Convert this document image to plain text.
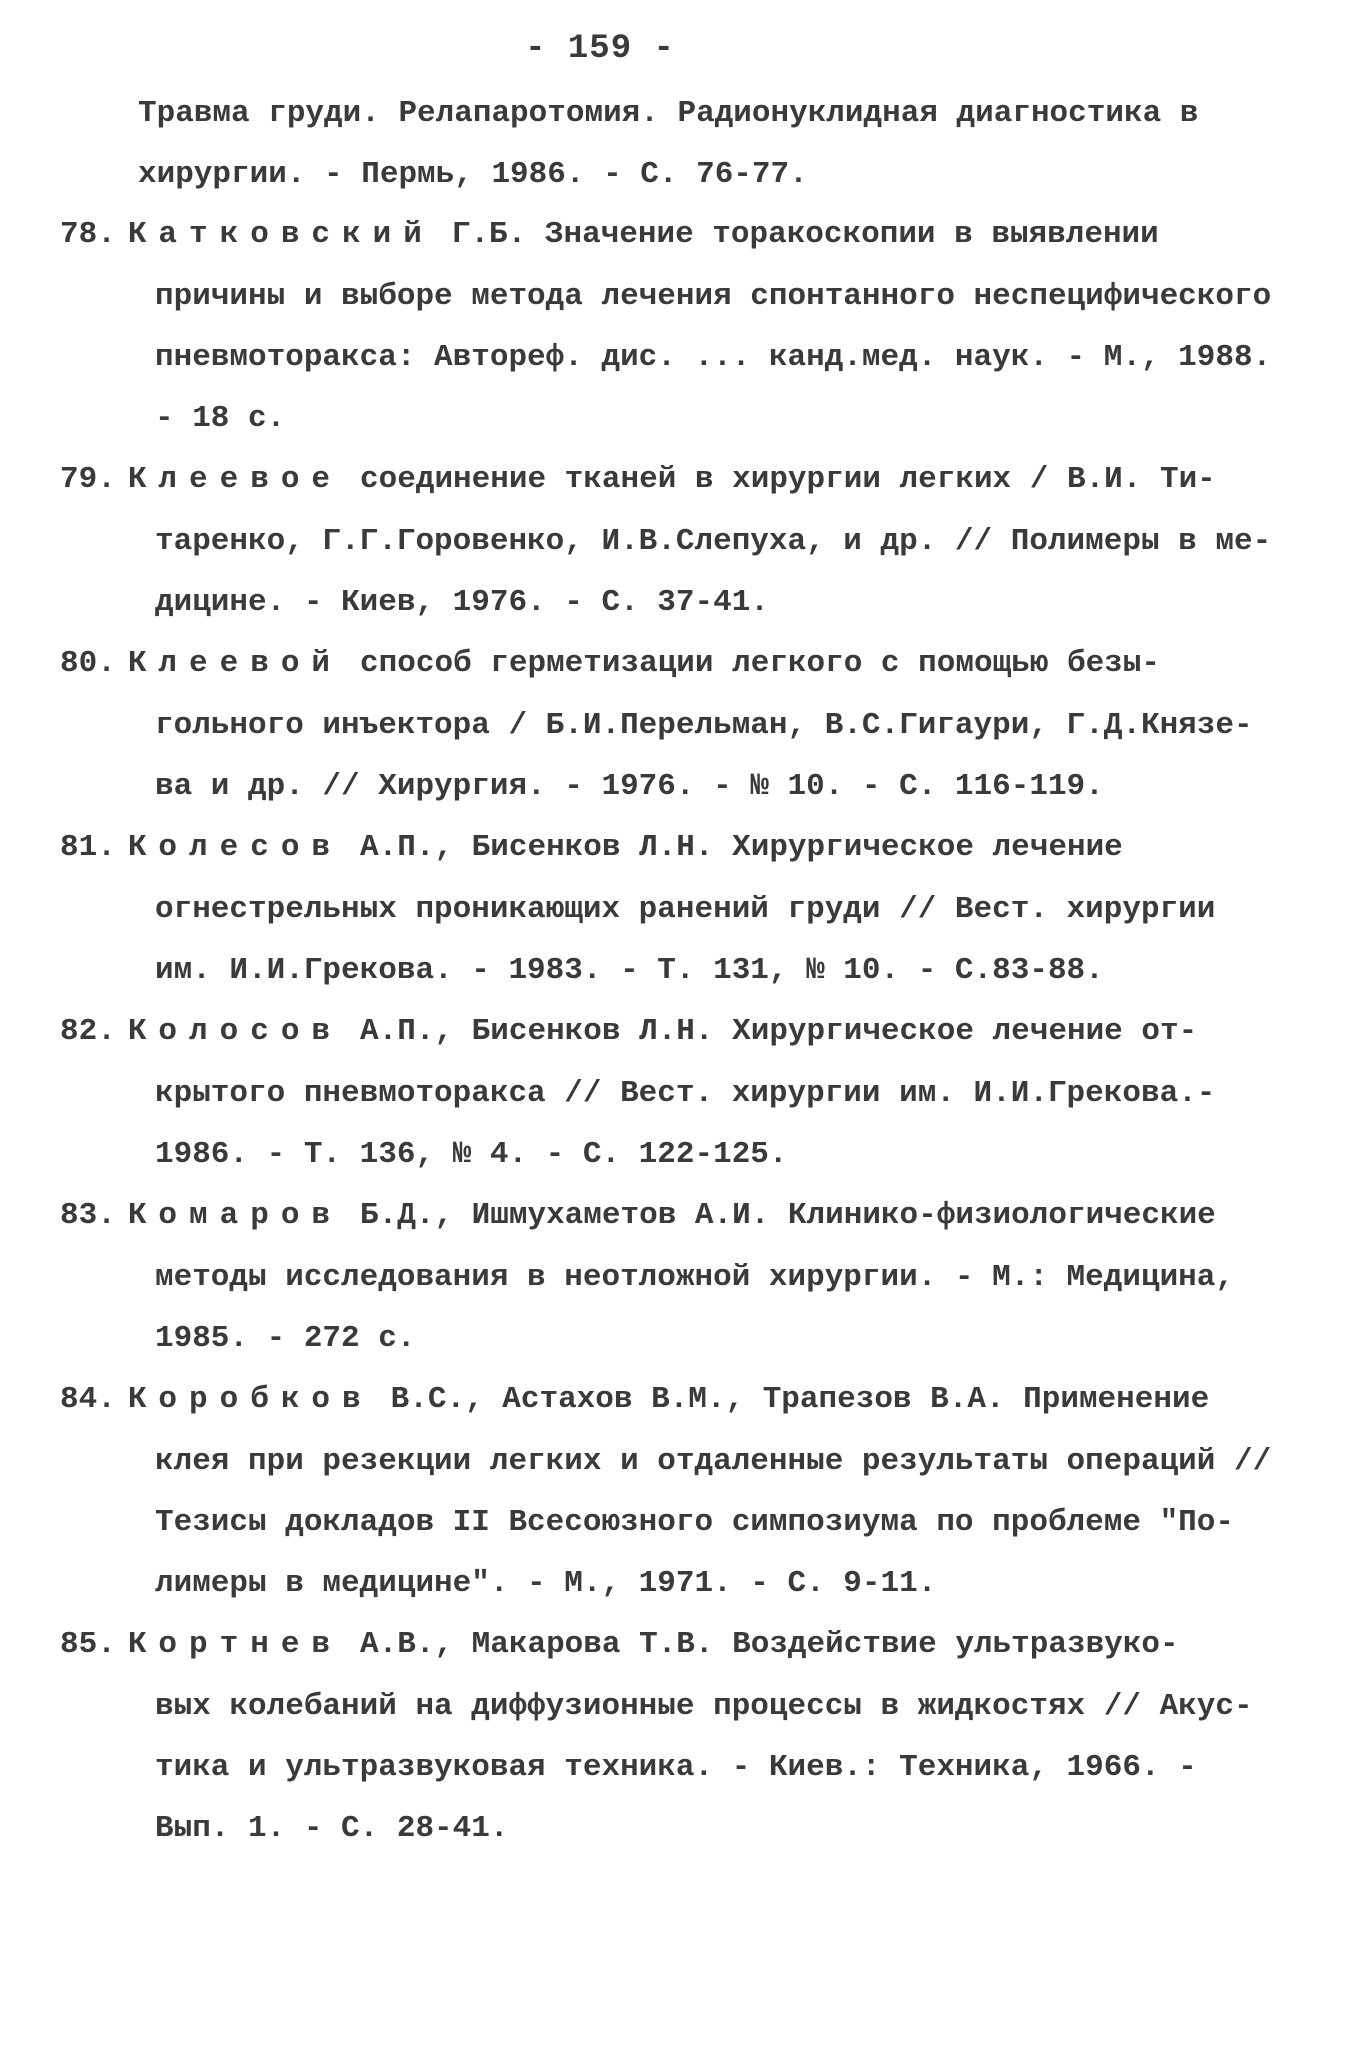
- 159 -
Травма груди. Релапаротомия. Радионуклидная диагностика в
хирургии. - Пермь, 1986. - С. 76-77.
78. Катковский Г.Б. Значение торакоскопии в выявлении
причины и выборе метода лечения спонтанного неспецифического
пневмоторакса: Автореф. дис. ... канд.мед. наук. - М., 1988.
- 18 с.
79. Клеевое соединение тканей в хирургии легких / В.И. Ти-
таренко, Г.Г.Горовенко, И.В.Слепуха, и др. // Полимеры в ме-
дицине. - Киев, 1976. - С. 37-41.
80. Клеевой способ герметизации легкого с помощью безы-
гольного инъектора / Б.И.Перельман, В.С.Гигаури, Г.Д.Князе-
ва и др. // Хирургия. - 1976. - № 10. - С. 116-119.
81. Колесов А.П., Бисенков Л.Н. Хирургическое лечение
огнестрельных проникающих ранений груди // Вест. хирургии
им. И.И.Грекова. - 1983. - Т. 131, № 10. - С.83-88.
82. Колосов А.П., Бисенков Л.Н. Хирургическое лечение от-
крытого пневмоторакса // Вест. хирургии им. И.И.Грекова.-
1986. - Т. 136, № 4. - С. 122-125.
83. Комаров Б.Д., Ишмухаметов А.И. Клинико-физиологические
методы исследования в неотложной хирургии. - М.: Медицина,
1985. - 272 с.
84. Коробков В.С., Астахов В.М., Трапезов В.А. Применение
клея при резекции легких и отдаленные результаты операций //
Тезисы докладов II Всесоюзного симпозиума по проблеме "По-
лимеры в медицине". - М., 1971. - С. 9-11.
85. Кортнев А.В., Макарова Т.В. Воздействие ультразвуко-
вых колебаний на диффузионные процессы в жидкостях // Акус-
тика и ультразвуковая техника. - Киев.: Техника, 1966. -
Вып. 1. - С. 28-41.
